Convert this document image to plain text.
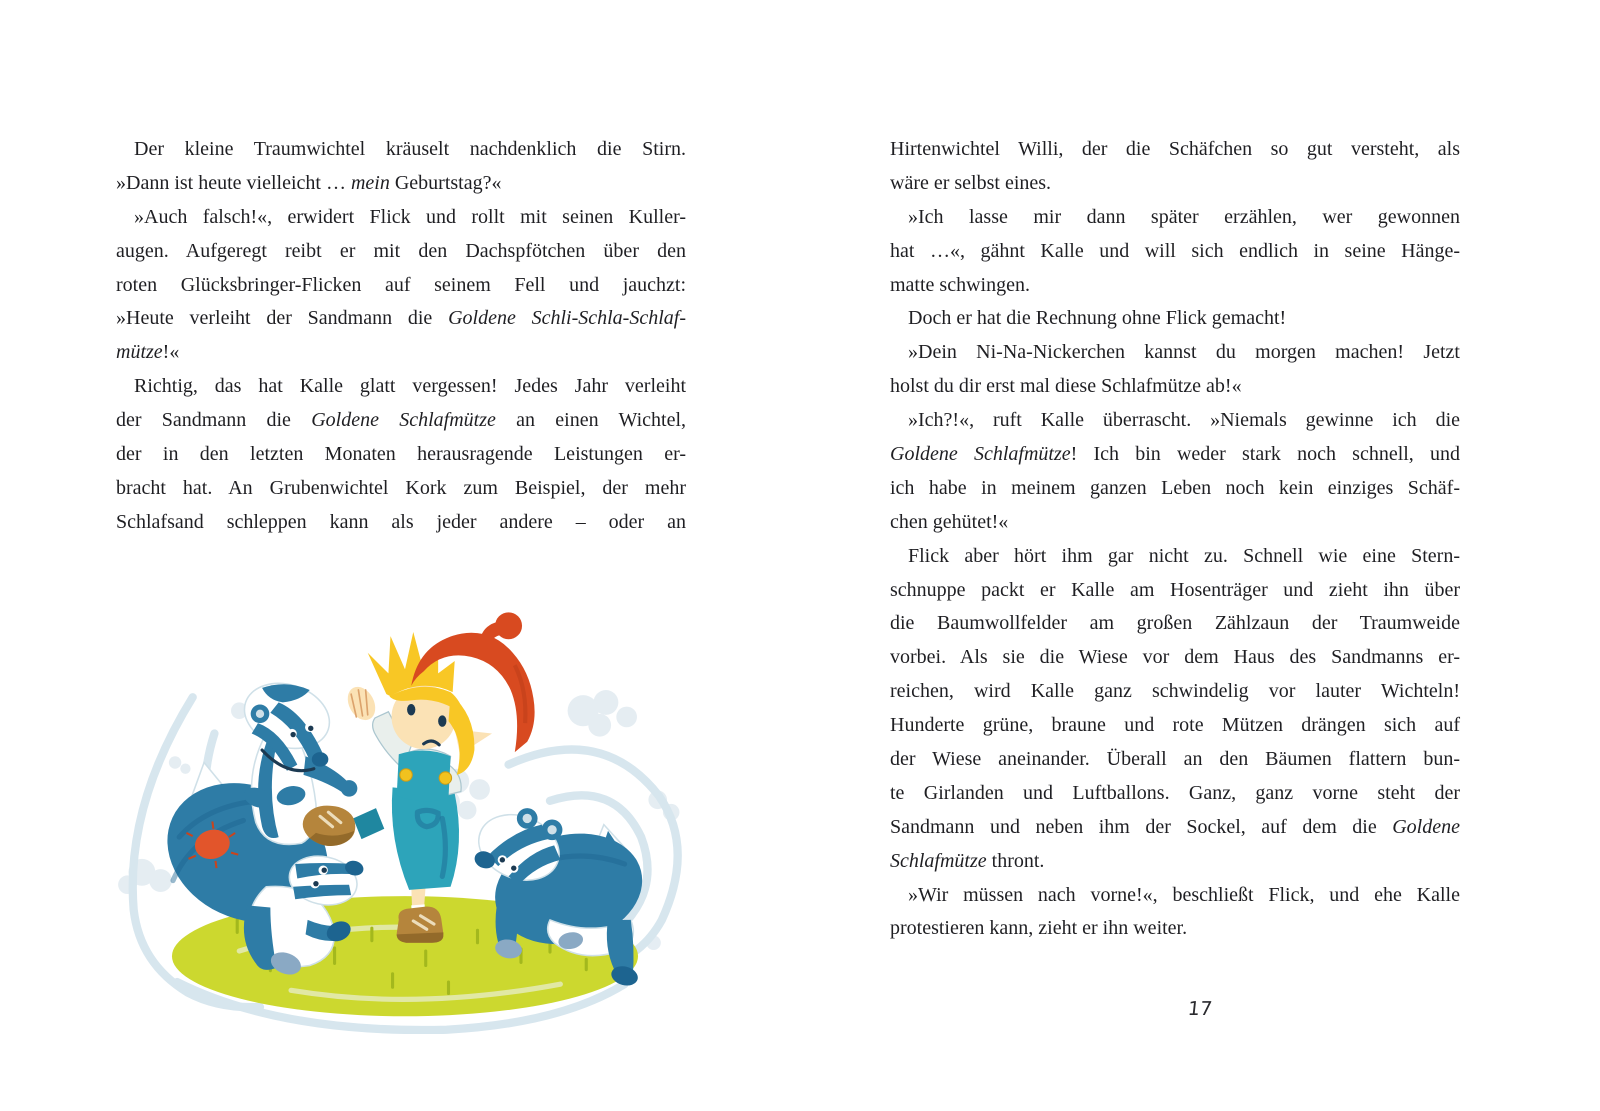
Der kleine Traumwichtel kräuselt nachdenklich die Stirn.
»Dann ist heute vielleicht … mein Geburtstag?«
»Auch falsch!«, erwidert Flick und rollt mit seinen Kuller-
augen. Aufgeregt reibt er mit den Dachspfötchen über den
roten Glücksbringer-Flicken auf seinem Fell und jauchzt:
»Heute verleiht der Sandmann die Goldene Schli-Schla-Schlaf-
mütze!«
Richtig, das hat Kalle glatt vergessen! Jedes Jahr verleiht
der Sandmann die Goldene Schlafmütze an einen Wichtel,
der in den letzten Monaten herausragende Leistungen er-
bracht hat. An Grubenwichtel Kork zum Beispiel, der mehr
Schlafsand schleppen kann als jeder andere – oder an
Hirtenwichtel Willi, der die Schäfchen so gut versteht, als
wäre er selbst eines.
»Ich lasse mir dann später erzählen, wer gewonnen
hat …«, gähnt Kalle und will sich endlich in seine Hänge-
matte schwingen.
Doch er hat die Rechnung ohne Flick gemacht!
»Dein Ni-Na-Nickerchen kannst du morgen machen! Jetzt
holst du dir erst mal diese Schlafmütze ab!«
»Ich?!«, ruft Kalle überrascht. »Niemals gewinne ich die
Goldene Schlafmütze! Ich bin weder stark noch schnell, und
ich habe in meinem ganzen Leben noch kein einziges Schäf-
chen gehütet!«
Flick aber hört ihm gar nicht zu. Schnell wie eine Stern-
schnuppe packt er Kalle am Hosenträger und zieht ihn über
die Baumwollfelder am großen Zählzaun der Traumweide
vorbei. Als sie die Wiese vor dem Haus des Sandmanns er-
reichen, wird Kalle ganz schwindelig vor lauter Wichteln!
Hunderte grüne, braune und rote Mützen drängen sich auf
der Wiese aneinander. Überall an den Bäumen flattern bun-
te Girlanden und Luftballons. Ganz, ganz vorne steht der
Sandmann und neben ihm der Sockel, auf dem die Goldene
Schlafmütze thront.
»Wir müssen nach vorne!«, beschließt Flick, und ehe Kalle
protestieren kann, zieht er ihn weiter.
17
